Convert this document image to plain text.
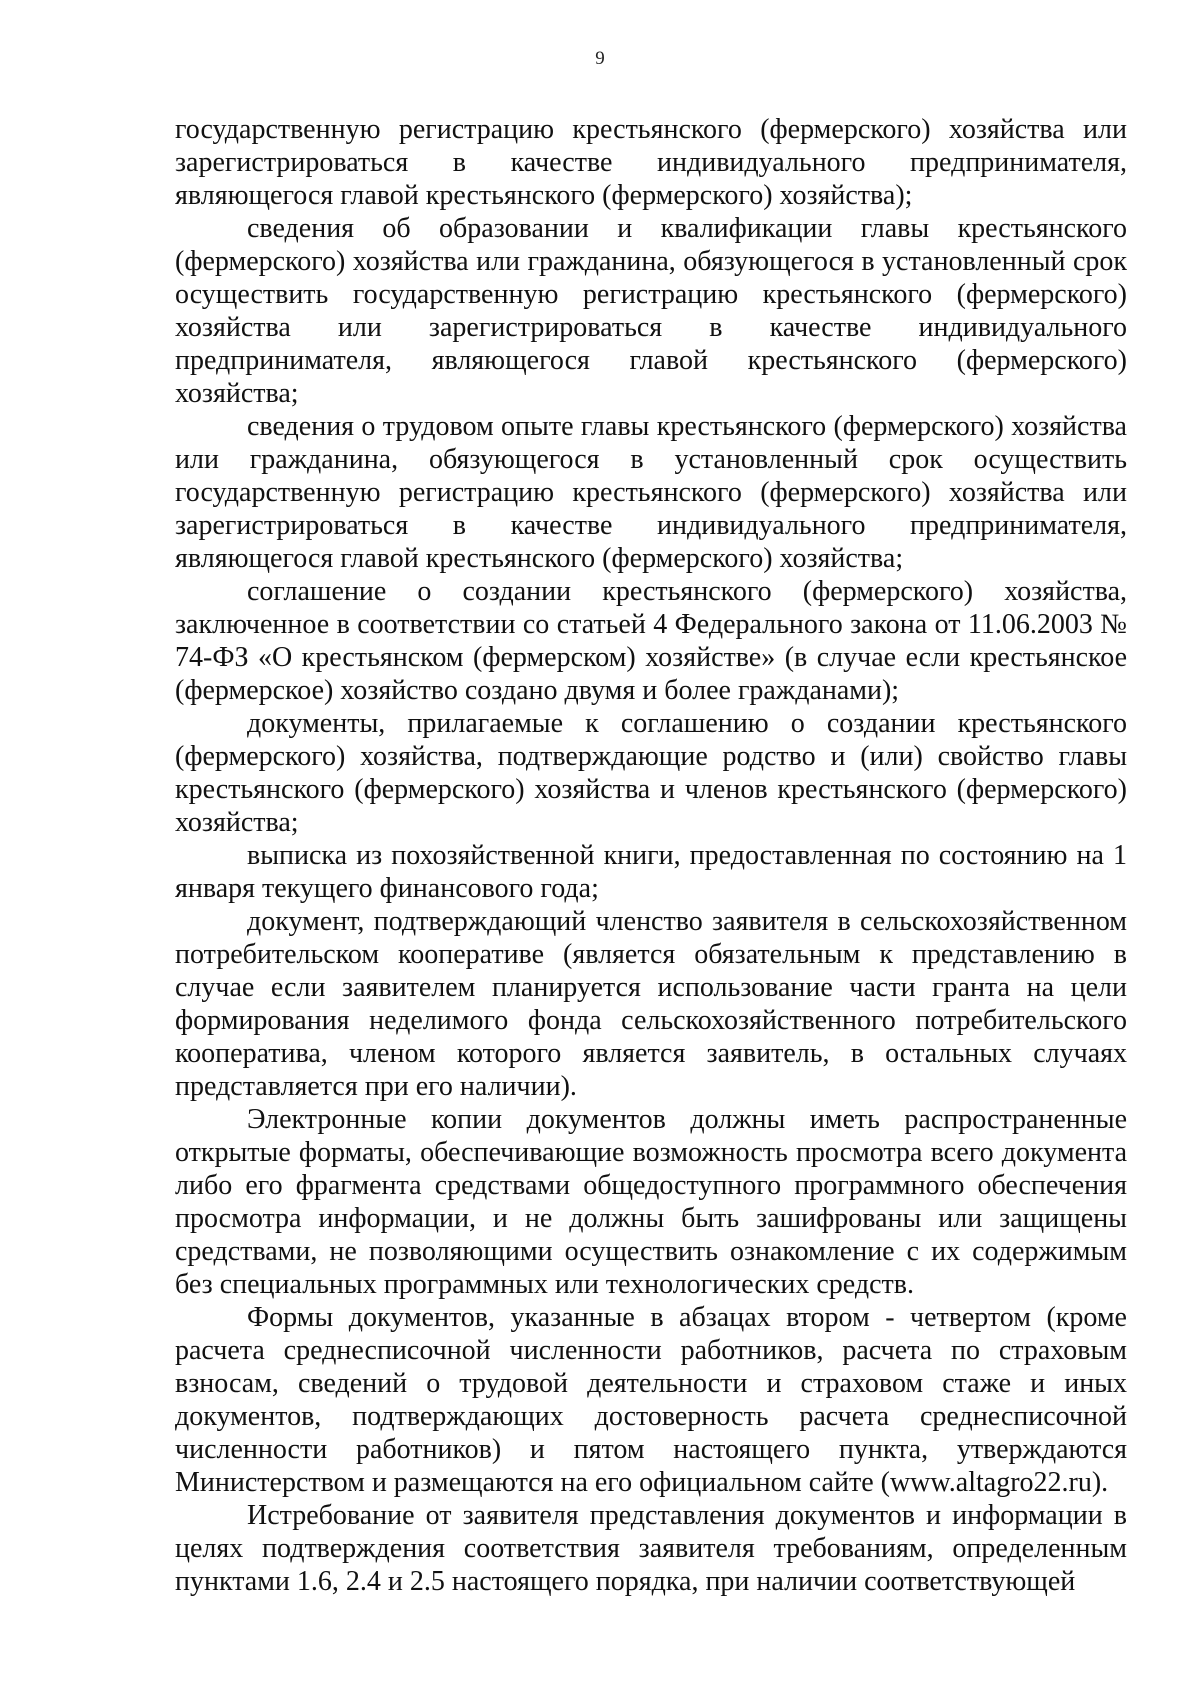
9

государственную регистрацию крестьянского (фермерского) хозяйства или зарегистрироваться в качестве индивидуального предпринимателя, являющегося главой крестьянского (фермерского) хозяйства);

сведения об образовании и квалификации главы крестьянского (фермерского) хозяйства или гражданина, обязующегося в установленный срок осуществить государственную регистрацию крестьянского (фермерского) хозяйства или зарегистрироваться в качестве индивидуального предпринимателя, являющегося главой крестьянского (фермерского) хозяйства;

сведения о трудовом опыте главы крестьянского (фермерского) хозяйства или гражданина, обязующегося в установленный срок осуществить государственную регистрацию крестьянского (фермерского) хозяйства или зарегистрироваться в качестве индивидуального предпринимателя, являющегося главой крестьянского (фермерского) хозяйства;

соглашение о создании крестьянского (фермерского) хозяйства, заключенное в соответствии со статьей 4 Федерального закона от 11.06.2003 № 74-ФЗ «О крестьянском (фермерском) хозяйстве» (в случае если крестьянское (фермерское) хозяйство создано двумя и более гражданами);

документы, прилагаемые к соглашению о создании крестьянского (фермерского) хозяйства, подтверждающие родство и (или) свойство главы крестьянского (фермерского) хозяйства и членов крестьянского (фермерского) хозяйства;

выписка из похозяйственной книги, предоставленная по состоянию на 1 января текущего финансового года;

документ, подтверждающий членство заявителя в сельскохозяйственном потребительском кооперативе (является обязательным к представлению в случае если заявителем планируется использование части гранта на цели формирования неделимого фонда сельскохозяйственного потребительского кооператива, членом которого является заявитель, в остальных случаях представляется при его наличии).

Электронные копии документов должны иметь распространенные открытые форматы, обеспечивающие возможность просмотра всего документа либо его фрагмента средствами общедоступного программного обеспечения просмотра информации, и не должны быть зашифрованы или защищены средствами, не позволяющими осуществить ознакомление с их содержимым без специальных программных или технологических средств.

Формы документов, указанные в абзацах втором - четвертом (кроме расчета среднесписочной численности работников, расчета по страховым взносам, сведений о трудовой деятельности и страховом стаже и иных документов, подтверждающих достоверность расчета среднесписочной численности работников) и пятом настоящего пункта, утверждаются Министерством и размещаются на его официальном сайте (www.altagro22.ru).

Истребование от заявителя представления документов и информации в целях подтверждения соответствия заявителя требованиям, определенным пунктами 1.6, 2.4 и 2.5 настоящего порядка, при наличии соответствующей
